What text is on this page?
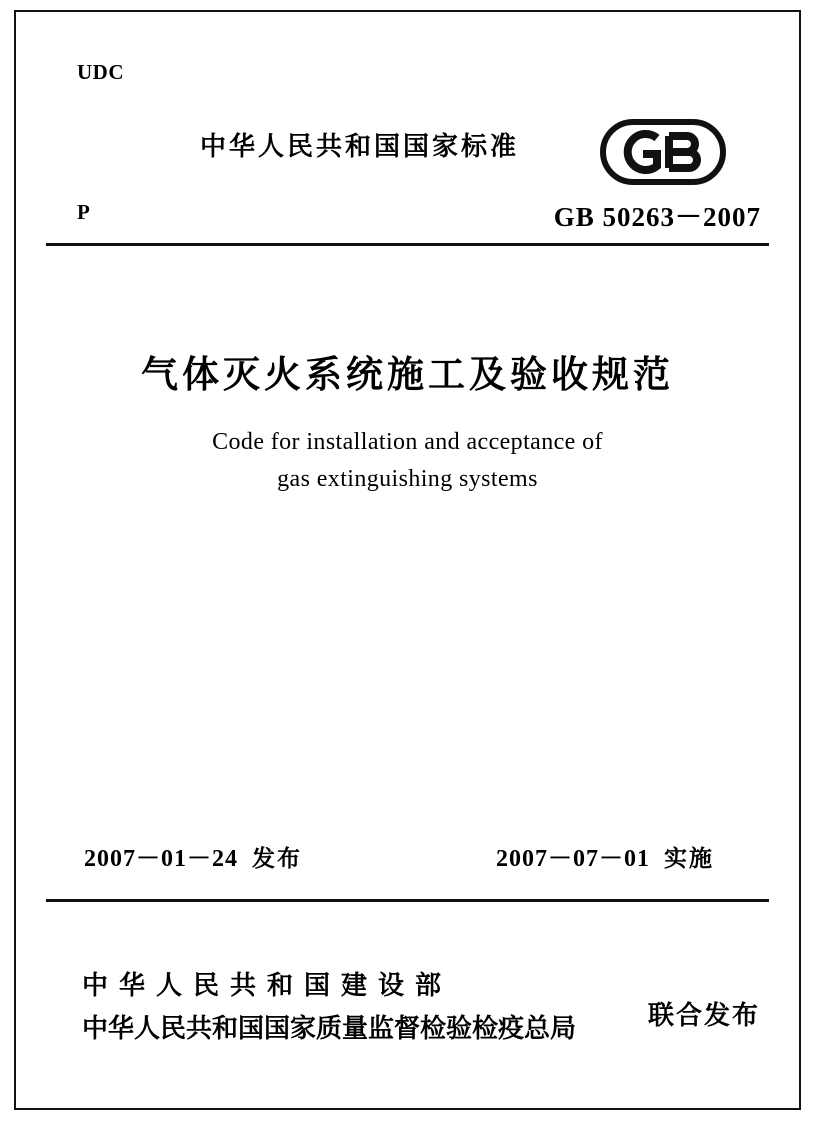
UDC
中华人民共和国国家标准
P	GB 50263－2007
气体灭火系统施工及验收规范
Code for installation and acceptance of
gas extinguishing systems
2007－01－24 发布	2007－07－01 实施
中华人民共和国建设部
中华人民共和国国家质量监督检验检疫总局	联合发布
